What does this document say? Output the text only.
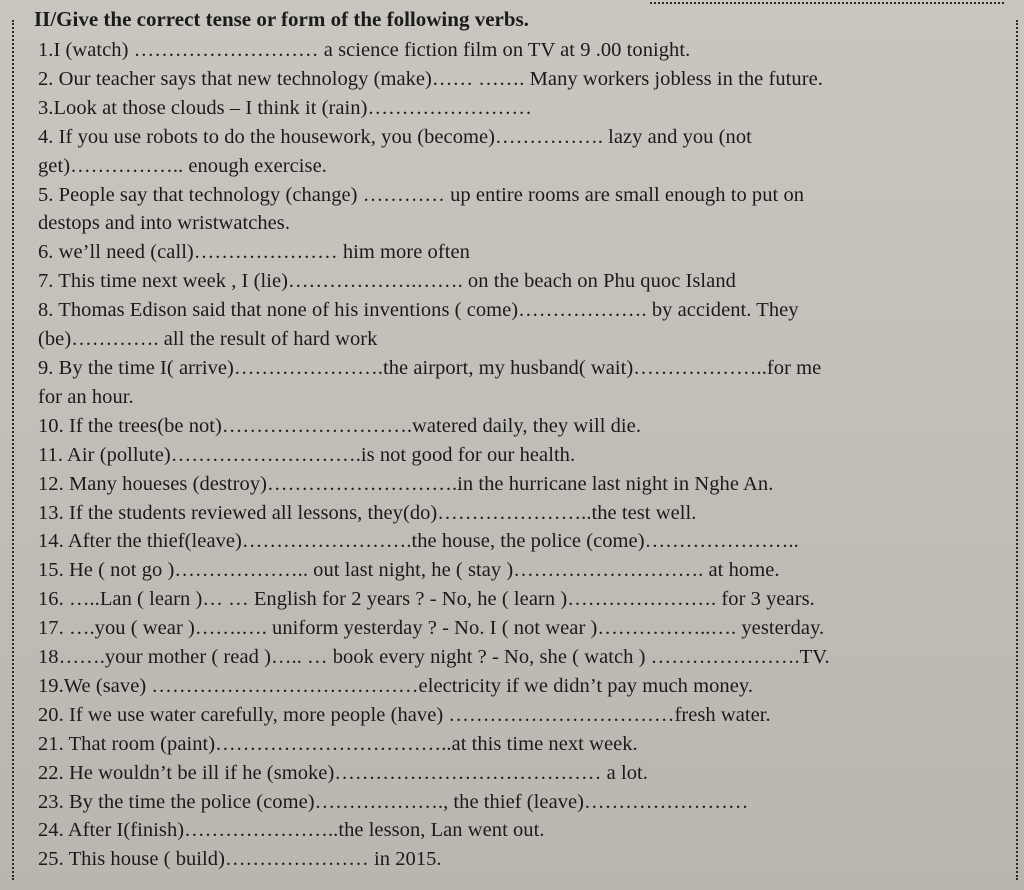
II/Give the correct tense or form of the following verbs.
1.I (watch) ……………………… a science fiction film on TV at 9 .00 tonight.
2. Our teacher says that new technology (make)…… ……. Many workers jobless in the future.
3.Look at those clouds – I think it (rain)……………………
4. If you use robots to do the housework, you (become)……………. lazy and you (not
get)…………….. enough exercise.
5. People say that technology (change) ………… up entire rooms are small enough to put on
destops and into wristwatches.
6. we’ll need (call)………………… him more often
7. This time next week , I (lie)……………….……. on the beach on Phu quoc Island
8. Thomas Edison said that none of his inventions ( come)………………. by accident. They
(be)…………. all the result of hard work
9. By the time I( arrive)………………….the airport, my husband( wait)………………..for me
for an hour.
10. If the trees(be not)……………………….watered daily, they will die.
11. Air (pollute)……………………….is not good for our health.
12. Many houeses (destroy)……………………….in the hurricane last night in Nghe An.
13. If the students reviewed all lessons, they(do)…………………..the test well.
14. After the thief(leave)…………………….the house, the police (come)…………………..
15. He ( not go )……………….. out last night, he ( stay )………………………. at home.
16. …..Lan ( learn )… … English for 2 years ? - No, he ( learn )…………………. for 3 years.
17. ….you ( wear )…….…. uniform yesterday ? - No. I ( not wear )……………..…. yesterday.
18…….your mother ( read )….. … book every night ? - No, she ( watch ) ………………….TV.
19.We (save) …………………………………electricity if we didn’t pay much money.
20. If we use water carefully, more people (have) ……………………………fresh water.
21. That room (paint)……………………………..at this time next week.
22. He wouldn’t be ill if he (smoke)………………………………… a lot.
23. By the time the police (come)………………., the thief (leave)……………………
24. After I(finish)…………………..the lesson, Lan went out.
25. This house ( build)………………… in 2015.
